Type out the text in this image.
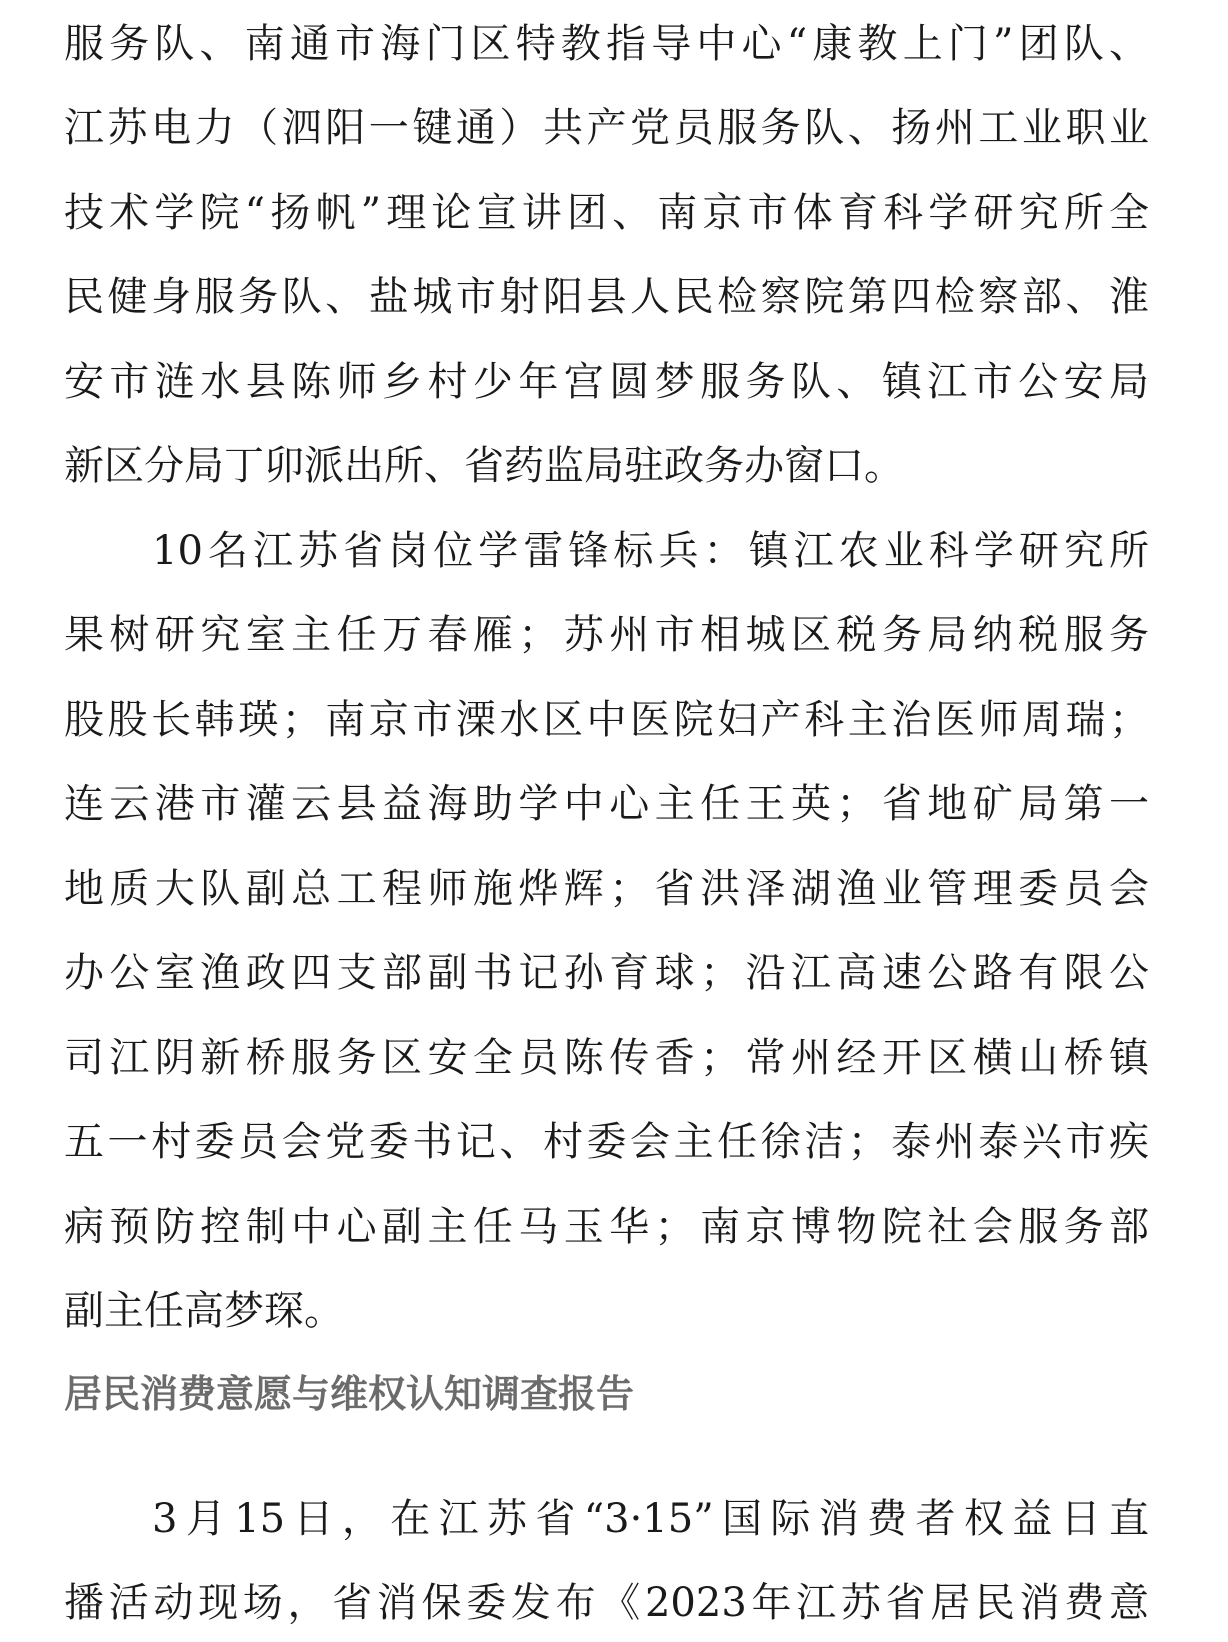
服务队、南通市海门区特教指导中心“康教上门”团队、
江苏电力（泗阳一键通）共产党员服务队、扬州工业职业
技术学院“扬帆”理论宣讲团、南京市体育科学研究所全
民健身服务队、盐城市射阳县人民检察院第四检察部、淮
安市涟水县陈师乡村少年宫圆梦服务队、镇江市公安局
新区分局丁卯派出所、省药监局驻政务办窗口。
10名江苏省岗位学雷锋标兵：镇江农业科学研究所
果树研究室主任万春雁；苏州市相城区税务局纳税服务
股股长韩瑛；南京市溧水区中医院妇产科主治医师周瑞；
连云港市灌云县益海助学中心主任王英；省地矿局第一
地质大队副总工程师施烨辉；省洪泽湖渔业管理委员会
办公室渔政四支部副书记孙育球；沿江高速公路有限公
司江阴新桥服务区安全员陈传香；常州经开区横山桥镇
五一村委员会党委书记、村委会主任徐洁；泰州泰兴市疾
病预防控制中心副主任马玉华；南京博物院社会服务部
副主任高梦琛。
居民消费意愿与维权认知调查报告
3月15日，在江苏省“3·15”国际消费者权益日直
播活动现场，省消保委发布《2023年江苏省居民消费意
